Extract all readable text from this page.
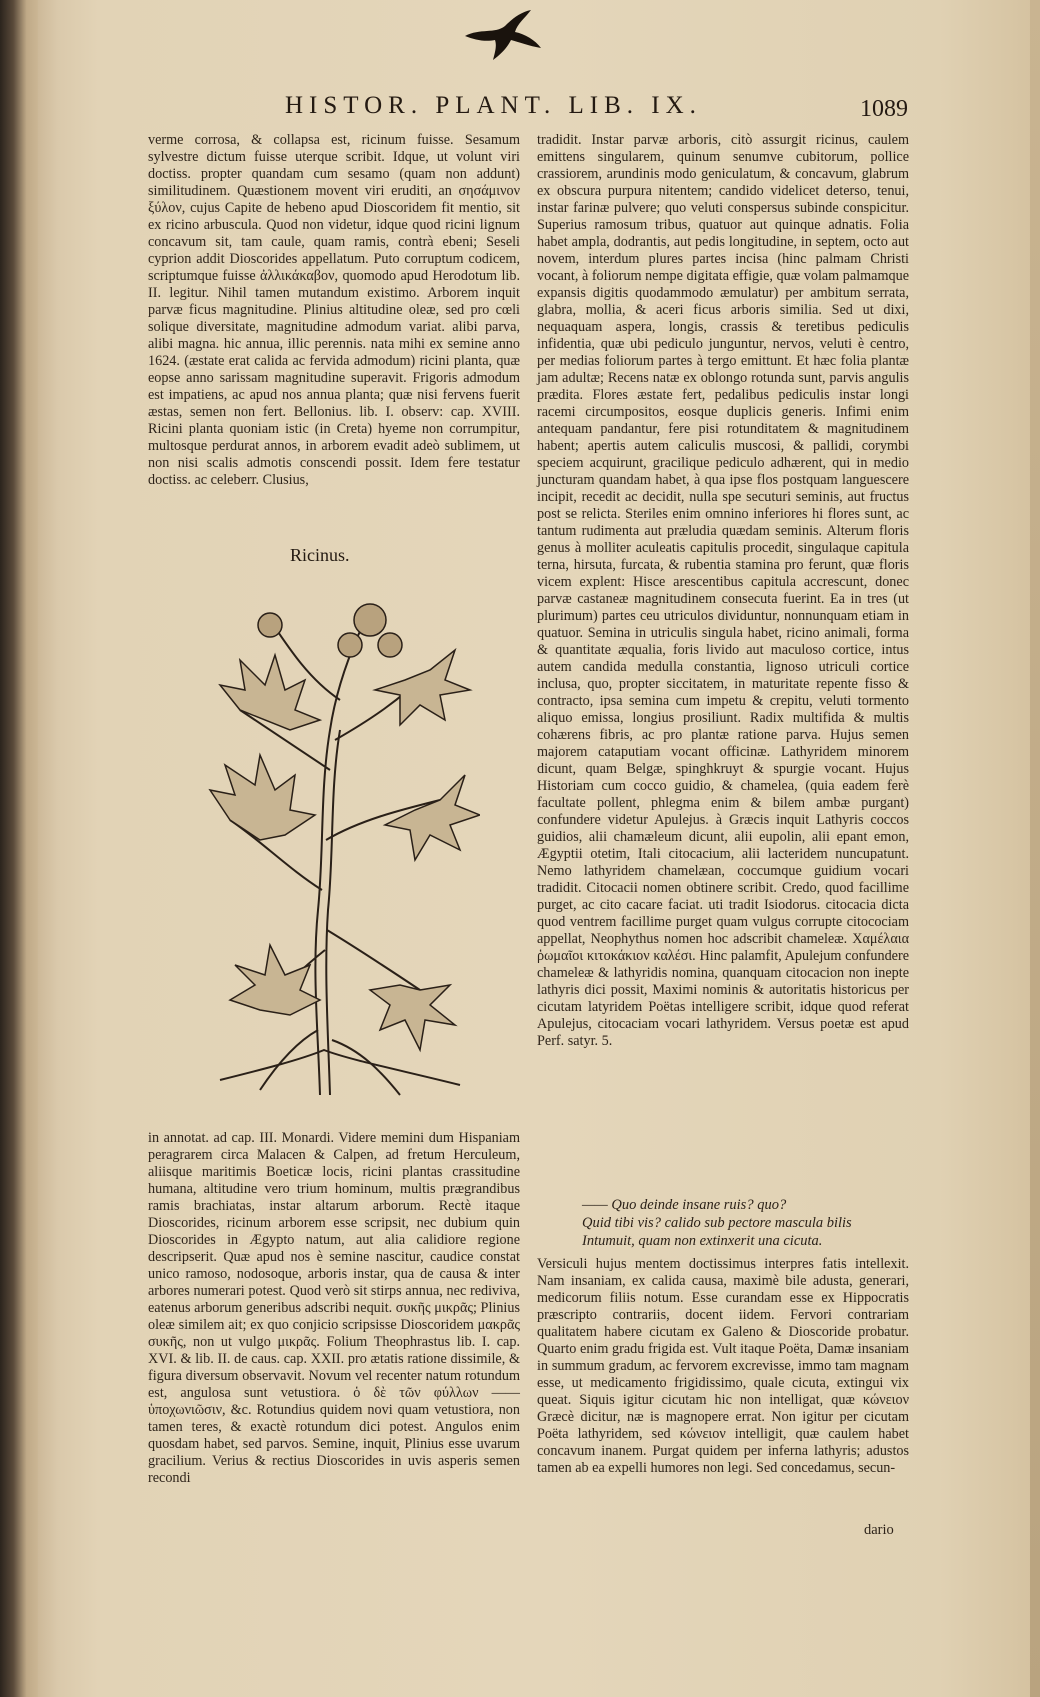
HISTOR. PLANT. LIB. IX.	1089

verme corrosa, & collapsa est, ricinum fuisse. Sesamum sylvestre dictum fuisse uterque scribit. Idque, ut volunt viri doctiss. propter quandam cum sesamo (quam non addunt) similitudinem. Quæstionem movent viri eruditi, an σησάμινον ξύλον, cujus Capite de hebeno apud Dioscoridem fit mentio, sit ex ricino arbuscula. Quod non videtur, idque quod ricini lignum concavum sit, tam caule, quam ramis, contrà ebeni; Seseli cyprion addit Dioscorides appellatum. Puto corruptum codicem, scriptumque fuisse ἀλλικάκαβον, quomodo apud Herodotum lib. II. legitur. Nihil tamen mutandum existimo. Arborem inquit parvæ ficus magnitudine. Plinius altitudine oleæ, sed pro cœli solique diversitate, magnitudine admodum variat. alibi parva, alibi magna. hic annua, illic perennis. nata mihi ex semine anno 1624. (æstate erat calida ac fervida admodum) ricini planta, quæ eopse anno sarissam magnitudine superavit. Frigoris admodum est impatiens, ac apud nos annua planta; quæ nisi fervens fuerit æstas, semen non fert. Bellonius. lib. I. observ: cap. XVIII. Ricini planta quoniam istic (in Creta) hyeme non corrumpitur, multosque perdurat annos, in arborem evadit adeò sublimem, ut non nisi scalis admotis conscendi possit. Idem fere testatur doctiss. ac celeberr. Clusius,

Ricinus.

in annotat. ad cap. III. Monardi. Videre memini dum Hispaniam peragrarem circa Malacen & Calpen, ad fretum Herculeum, aliisque maritimis Boeticæ locis, ricini plantas crassitudine humana, altitudine vero trium hominum, multis prægrandibus ramis brachiatas, instar altarum arborum. Rectè itaque Dioscorides, ricinum arborem esse scripsit, nec dubium quin Dioscorides in Ægypto natum, aut alia calidiore regione descripserit. Quæ apud nos è semine nascitur, caudice constat unico ramoso, nodosoque, arboris instar, qua de causa & inter arbores numerari potest. Quod verò sit stirps annua, nec rediviva, eatenus arborum generibus adscribi nequit. συκῆς μικρᾶς; Plinius oleæ similem ait; ex quo conjicio scripsisse Dioscoridem μακρᾶς συκῆς, non ut vulgo μικρᾶς. Folium Theophrastus lib. I. cap. XVI. & lib. II. de caus. cap. XXII. pro ætatis ratione dissimile, & figura diversum observavit. Novum vel recenter natum rotundum est, angulosa sunt vetustiora. ὁ δὲ τῶν φύλλων —— ὑποχωνιῶσιν, &c. Rotundius quidem novi quam vetustiora, non tamen teres, & exactè rotundum dici potest. Angulos enim quosdam habet, sed parvos. Semine, inquit, Plinius esse uvarum gracilium. Verius & rectius Dioscorides in uvis asperis semen recondi

tradidit. Instar parvæ arboris, citò assurgit ricinus, caulem emittens singularem, quinum senumve cubitorum, pollice crassiorem, arundinis modo geniculatum, & concavum, glabrum ex obscura purpura nitentem; candido videlicet deterso, tenui, instar farinæ pulvere; quo veluti conspersus subinde conspicitur. Superius ramosum tribus, quatuor aut quinque adnatis. Folia habet ampla, dodrantis, aut pedis longitudine, in septem, octo aut novem, interdum plures partes incisa (hinc palmam Christi vocant, à foliorum nempe digitata effigie, quæ volam palmamque expansis digitis quodammodo æmulatur) per ambitum serrata, glabra, mollia, & aceri ficus arboris similia. Sed ut dixi, nequaquam aspera, longis, crassis & teretibus pediculis infidentia, quæ ubi pediculo junguntur, nervos, veluti è centro, per medias foliorum partes à tergo emittunt. Et hæc folia plantæ jam adultæ; Recens natæ ex oblongo rotunda sunt, parvis angulis prædita. Flores æstate fert, pedalibus pediculis instar longi racemi circumpositos, eosque duplicis generis. Infimi enim antequam pandantur, fere pisi rotunditatem & magnitudinem habent; apertis autem caliculis muscosi, & pallidi, corymbi speciem acquirunt, gracilique pediculo adhærent, qui in medio juncturam quandam habet, à qua ipse flos postquam languescere incipit, recedit ac decidit, nulla spe secuturi seminis, aut fructus post se relicta. Steriles enim omnino inferiores hi flores sunt, ac tantum rudimenta aut præludia quædam seminis. Alterum floris genus à molliter aculeatis capitulis procedit, singulaque capitula terna, hirsuta, furcata, & rubentia stamina pro ferunt, quæ floris vicem explent: Hisce arescentibus capitula accrescunt, donec parvæ castaneæ magnitudinem consecuta fuerint. Ea in tres (ut plurimum) partes ceu utriculos dividuntur, nonnunquam etiam in quatuor. Semina in utriculis singula habet, ricino animali, forma & quantitate æqualia, foris livido aut maculoso cortice, intus autem candida medulla constantia, lignoso utriculi cortice inclusa, quo, propter siccitatem, in maturitate repente fisso & contracto, ipsa semina cum impetu & crepitu, veluti tormento aliquo emissa, longius prosiliunt. Radix multifida & multis cohærens fibris, ac pro plantæ ratione parva. Hujus semen majorem cataputiam vocant officinæ. Lathyridem minorem dicunt, quam Belgæ, spinghkruyt & spurgie vocant. Hujus Historiam cum cocco guidio, & chamelea, (quia eadem ferè facultate pollent, phlegma enim & bilem ambæ purgant) confundere videtur Apulejus. à Græcis inquit Lathyris coccos guidios, alii chamæleum dicunt, alii eupolin, alii epant emon, Ægyptii otetim, Itali citocacium, alii lacteridem nuncupatunt. Nemo lathyridem chamelæan, coccumque guidium vocari tradidit. Citocacii nomen obtinere scribit. Credo, quod facillime purget, ac cito cacare faciat. uti tradit Isiodorus. citocacia dicta quod ventrem facillime purget quam vulgus corrupte citocociam appellat, Neophythus nomen hoc adscribit chameleæ. Χαμέλαια ῥωμαῖοι κιτοκάκιον καλέσι. Hinc palamfit, Apulejum confundere chameleæ & lathyridis nomina, quanquam citocacion non inepte lathyris dici possit, Maximi nominis & autoritatis historicus per cicutam latyridem Poëtas intelligere scribit, idque quod referat Apulejus, citocaciam vocari lathyridem. Versus poetæ est apud Perf. satyr. 5.

—— Quo deinde insane ruis? quo?
Quid tibi vis? calido sub pectore mascula bilis
Intumuit, quam non extinxerit una cicuta.

Versiculi hujus mentem doctissimus interpres fatis intellexit. Nam insaniam, ex calida causa, maximè bile adusta, generari, medicorum filiis notum. Esse curandam esse ex Hippocratis præscripto contrariis, docent iidem. Fervori contrariam qualitatem habere cicutam ex Galeno & Dioscoride probatur. Quarto enim gradu frigida est. Vult itaque Poëta, Damæ insaniam in summum gradum, ac fervorem excrevisse, immo tam magnam esse, ut medicamento frigidissimo, quale cicuta, extingui vix queat. Siquis igitur cicutam hic non intelligat, quæ κώνειον Græcè dicitur, næ is magnopere errat. Non igitur per cicutam Poëta lathyridem, sed κώνειον intelligit, quæ caulem habet concavum inanem. Purgat quidem per inferna lathyris; adustos tamen ab ea expelli humores non legi. Sed concedamus, secun-

dario
